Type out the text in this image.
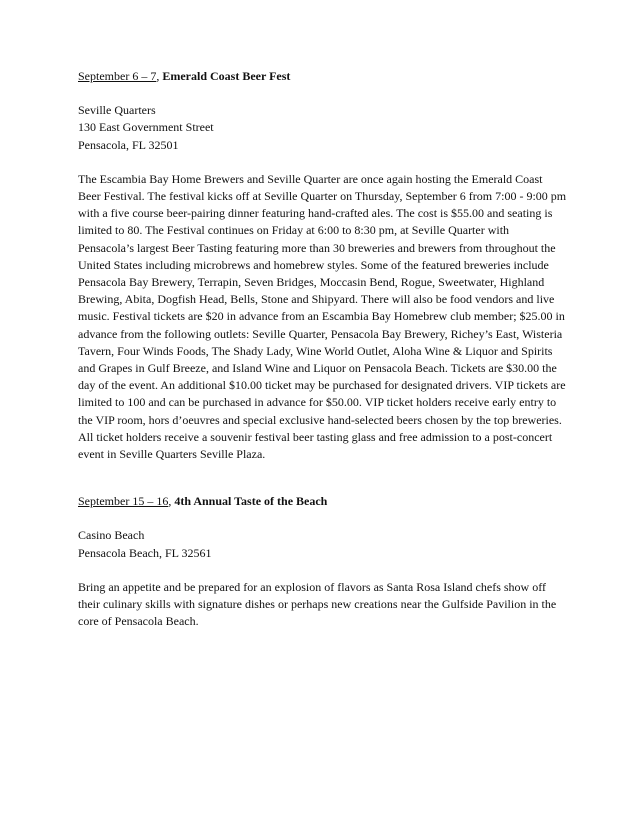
September 6 – 7, Emerald Coast Beer Fest

Seville Quarters
130 East Government Street
Pensacola, FL 32501

The Escambia Bay Home Brewers and Seville Quarter are once again hosting the Emerald Coast Beer Festival. The festival kicks off at Seville Quarter on Thursday, September 6 from 7:00 - 9:00 pm with a five course beer-pairing dinner featuring hand-crafted ales. The cost is $55.00 and seating is limited to 80. The Festival continues on Friday at 6:00 to 8:30 pm, at Seville Quarter with Pensacola’s largest Beer Tasting featuring more than 30 breweries and brewers from throughout the United States including microbrews and homebrew styles. Some of the featured breweries include Pensacola Bay Brewery, Terrapin, Seven Bridges, Moccasin Bend, Rogue, Sweetwater, Highland Brewing, Abita, Dogfish Head, Bells, Stone and Shipyard. There will also be food vendors and live music. Festival tickets are $20 in advance from an Escambia Bay Homebrew club member; $25.00 in advance from the following outlets: Seville Quarter, Pensacola Bay Brewery, Richey’s East, Wisteria Tavern, Four Winds Foods, The Shady Lady, Wine World Outlet, Aloha Wine & Liquor and Spirits and Grapes in Gulf Breeze, and Island Wine and Liquor on Pensacola Beach. Tickets are $30.00 the day of the event. An additional $10.00 ticket may be purchased for designated drivers. VIP tickets are limited to 100 and can be purchased in advance for $50.00. VIP ticket holders receive early entry to the VIP room, hors d’oeuvres and special exclusive hand-selected beers chosen by the top breweries. All ticket holders receive a souvenir festival beer tasting glass and free admission to a post-concert event in Seville Quarters Seville Plaza.

September 15 – 16, 4th Annual Taste of the Beach

Casino Beach
Pensacola Beach, FL 32561

Bring an appetite and be prepared for an explosion of flavors as Santa Rosa Island chefs show off their culinary skills with signature dishes or perhaps new creations near the Gulfside Pavilion in the core of Pensacola Beach.
